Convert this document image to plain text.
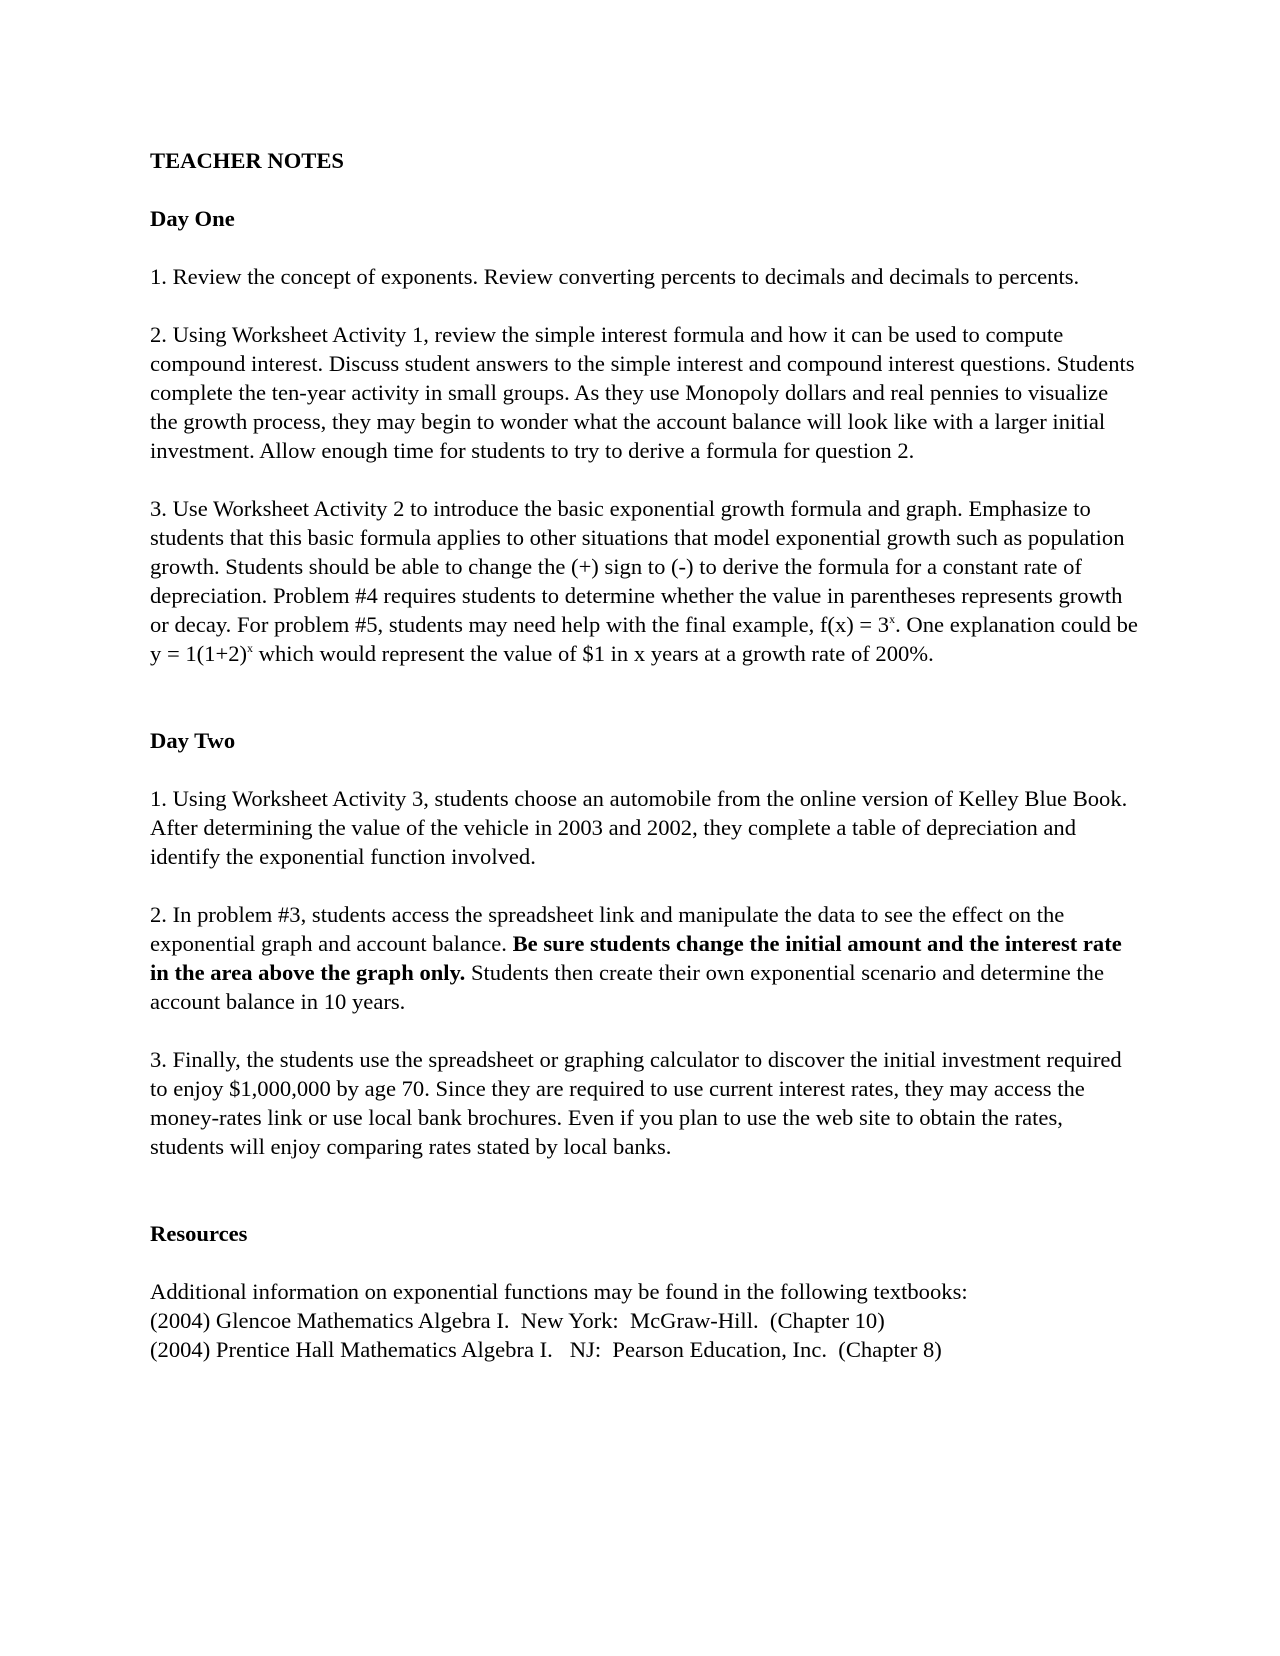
TEACHER NOTES

Day One

1. Review the concept of exponents. Review converting percents to decimals and decimals to percents.

2. Using Worksheet Activity 1, review the simple interest formula and how it can be used to compute compound interest. Discuss student answers to the simple interest and compound interest questions. Students complete the ten-year activity in small groups. As they use Monopoly dollars and real pennies to visualize the growth process, they may begin to wonder what the account balance will look like with a larger initial investment. Allow enough time for students to try to derive a formula for question 2.

3. Use Worksheet Activity 2 to introduce the basic exponential growth formula and graph. Emphasize to students that this basic formula applies to other situations that model exponential growth such as population growth. Students should be able to change the (+) sign to (-) to derive the formula for a constant rate of depreciation. Problem #4 requires students to determine whether the value in parentheses represents growth or decay. For problem #5, students may need help with the final example, $f(x) = 3^x$. One explanation could be $y = 1(1+2)^x$ which would represent the value of $1 in x years at a growth rate of 200%.

Day Two

1. Using Worksheet Activity 3, students choose an automobile from the online version of Kelley Blue Book. After determining the value of the vehicle in 2003 and 2002, they complete a table of depreciation and identify the exponential function involved.

2. In problem #3, students access the spreadsheet link and manipulate the data to see the effect on the exponential graph and account balance. Be sure students change the initial amount and the interest rate in the area above the graph only. Students then create their own exponential scenario and determine the account balance in 10 years.

3. Finally, the students use the spreadsheet or graphing calculator to discover the initial investment required to enjoy $1,000,000 by age 70. Since they are required to use current interest rates, they may access the money-rates link or use local bank brochures. Even if you plan to use the web site to obtain the rates, students will enjoy comparing rates stated by local banks.

Resources

Additional information on exponential functions may be found in the following textbooks:

(2004) Glencoe Mathematics Algebra I.  New York:  McGraw-Hill.  (Chapter 10)

(2004) Prentice Hall Mathematics Algebra I.   NJ:  Pearson Education, Inc.  (Chapter 8)
